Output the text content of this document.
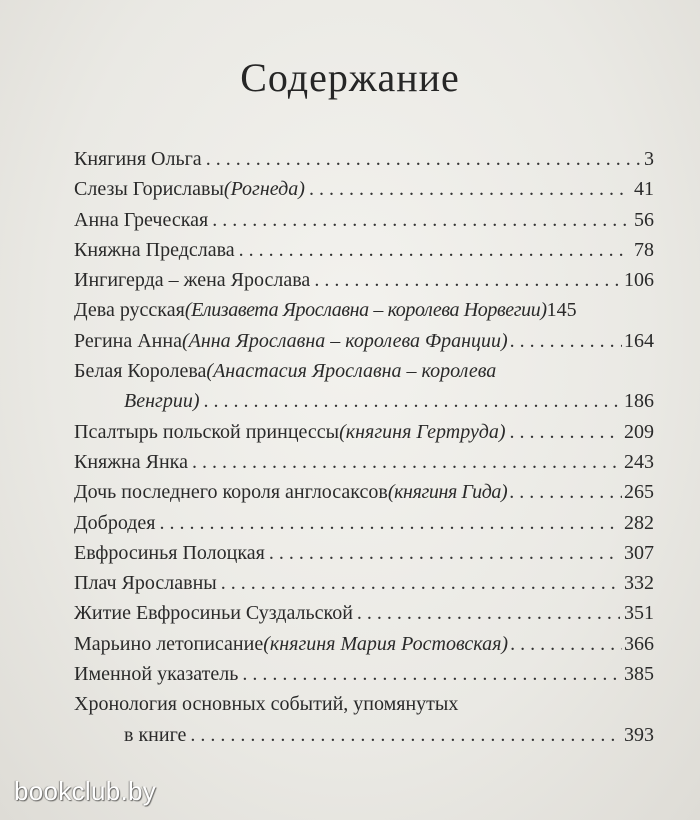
Содержание
Княгиня Ольга . . .	3
Слезы Гориславы (Рогнеда) . . .	41
Анна Греческая . . .	56
Княжна Предслава . . .	78
Ингигерда – жена Ярослава . . .	106
Дева русская (Елизавета Ярославна – королева Норвегии) 145
Регина Анна (Анна Ярославна – королева Франции) . . .	164
Белая Королева (Анастасия Ярославна – королева
Венгрии) . . .	186
Псалтырь польской принцессы (княгиня Гертруда) . . .	209
Княжна Янка . . .	243
Дочь последнего короля англосаксов (княгиня Гида) . . .	265
Добродея . . .	282
Евфросинья Полоцкая . . .	307
Плач Ярославны . . .	332
Житие Евфросиньи Суздальской . . .	351
Марьино летописание (княгиня Мария Ростовская) . . .	366
Именной указатель . . .	385
Хронология основных событий, упомянутых
в книге . . .	393
bookclub.by
